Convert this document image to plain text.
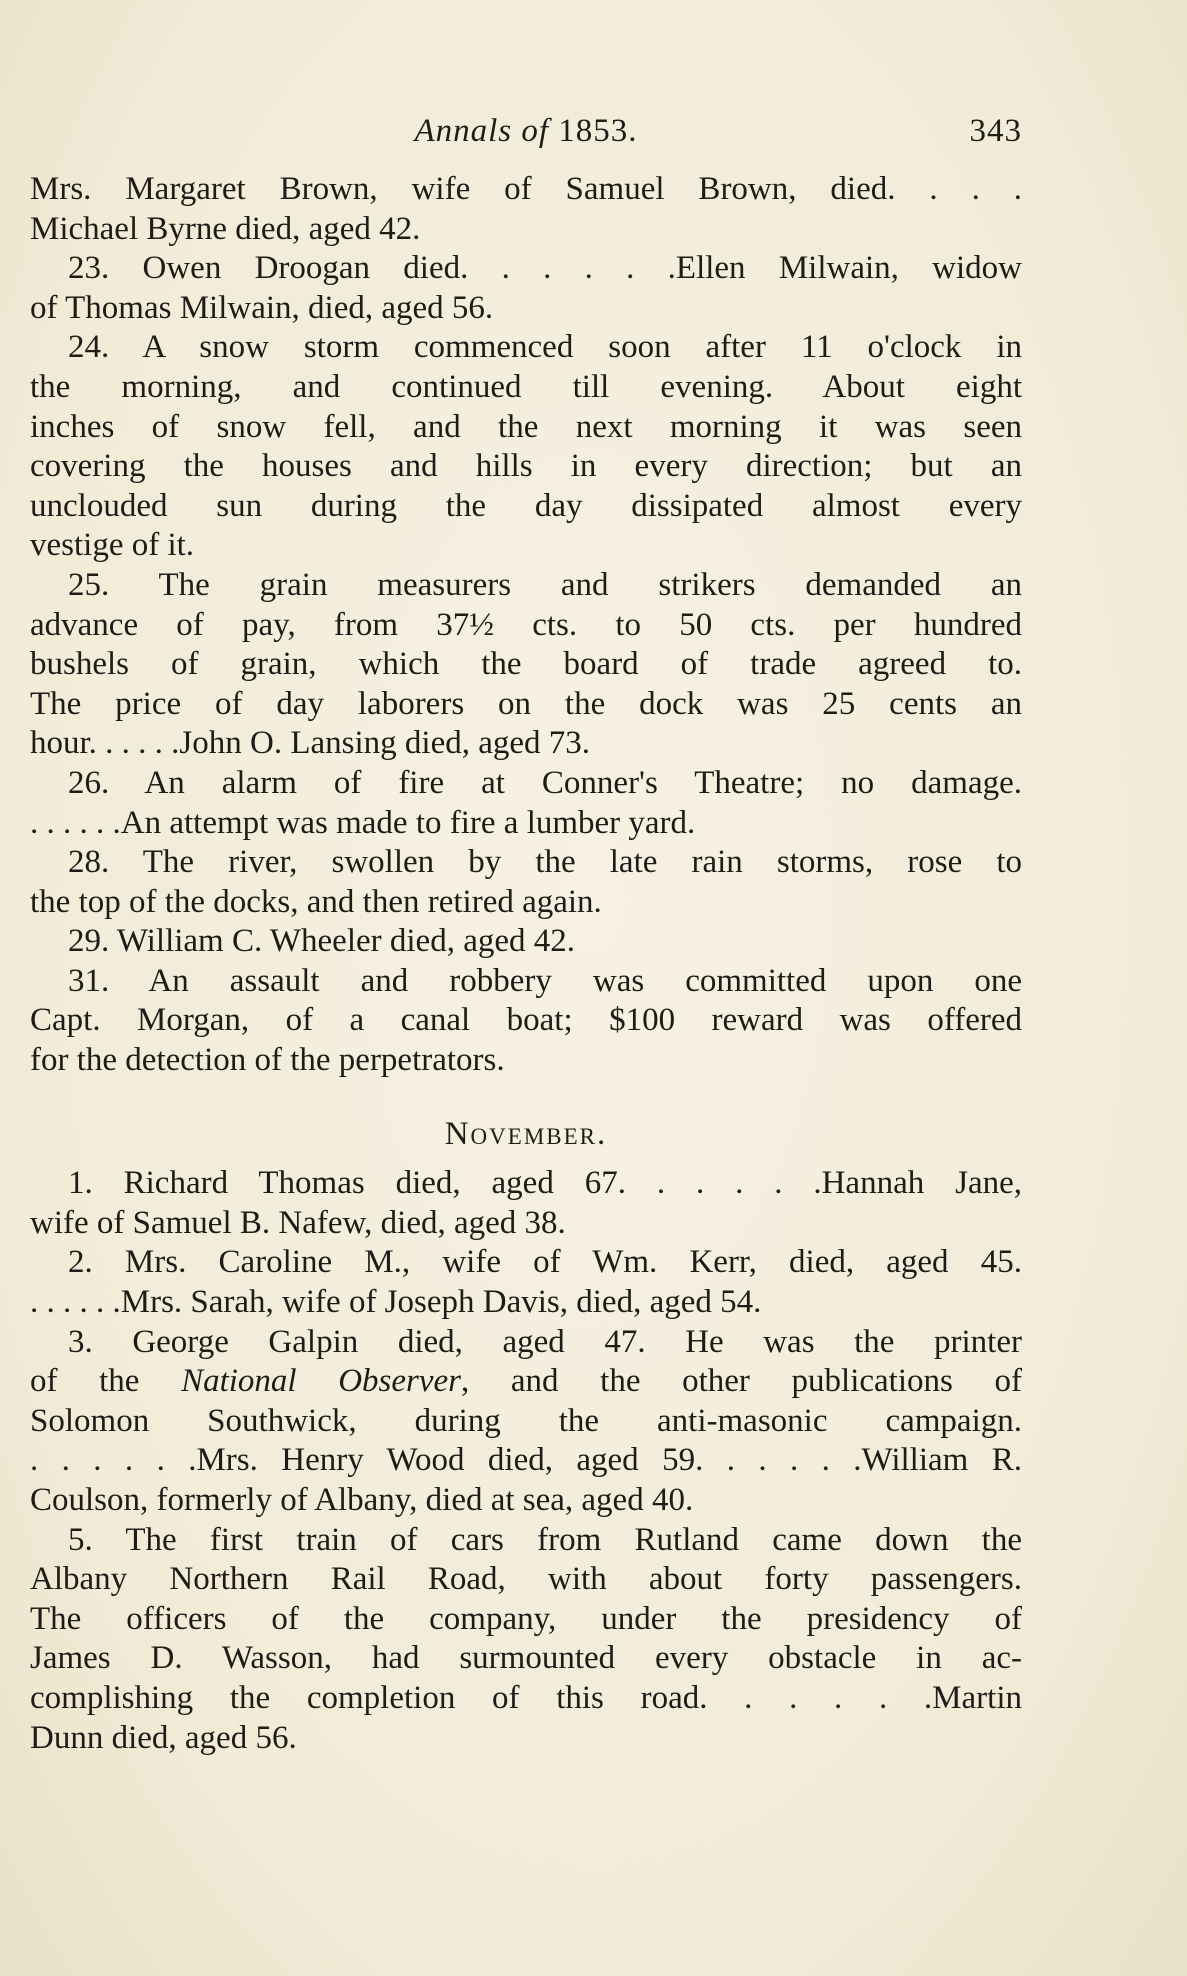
Annals of 1853.	343
Mrs. Margaret Brown, wife of Samuel Brown, died. . . .
Michael Byrne died, aged 42.
23. Owen Droogan died. . . . . .Ellen Milwain, widow
of Thomas Milwain, died, aged 56.
24. A snow storm commenced soon after 11 o'clock in
the morning, and continued till evening. About eight
inches of snow fell, and the next morning it was seen
covering the houses and hills in every direction; but an
unclouded sun during the day dissipated almost every
vestige of it.
25. The grain measurers and strikers demanded an
advance of pay, from 37½ cts. to 50 cts. per hundred
bushels of grain, which the board of trade agreed to.
The price of day laborers on the dock was 25 cents an
hour. . . . . .John O. Lansing died, aged 73.
26. An alarm of fire at Conner's Theatre; no damage.
. . . . . .An attempt was made to fire a lumber yard.
28. The river, swollen by the late rain storms, rose to
the top of the docks, and then retired again.
29. William C. Wheeler died, aged 42.
31. An assault and robbery was committed upon one
Capt. Morgan, of a canal boat; $100 reward was offered
for the detection of the perpetrators.
November.
1. Richard Thomas died, aged 67. . . . . .Hannah Jane,
wife of Samuel B. Nafew, died, aged 38.
2. Mrs. Caroline M., wife of Wm. Kerr, died, aged 45.
. . . . . .Mrs. Sarah, wife of Joseph Davis, died, aged 54.
3. George Galpin died, aged 47. He was the printer
of the National Observer, and the other publications of
Solomon Southwick, during the anti-masonic campaign.
. . . . . .Mrs. Henry Wood died, aged 59. . . . . .William R.
Coulson, formerly of Albany, died at sea, aged 40.
5. The first train of cars from Rutland came down the
Albany Northern Rail Road, with about forty passengers.
The officers of the company, under the presidency of
James D. Wasson, had surmounted every obstacle in ac-
complishing the completion of this road. . . . . .Martin
Dunn died, aged 56.
